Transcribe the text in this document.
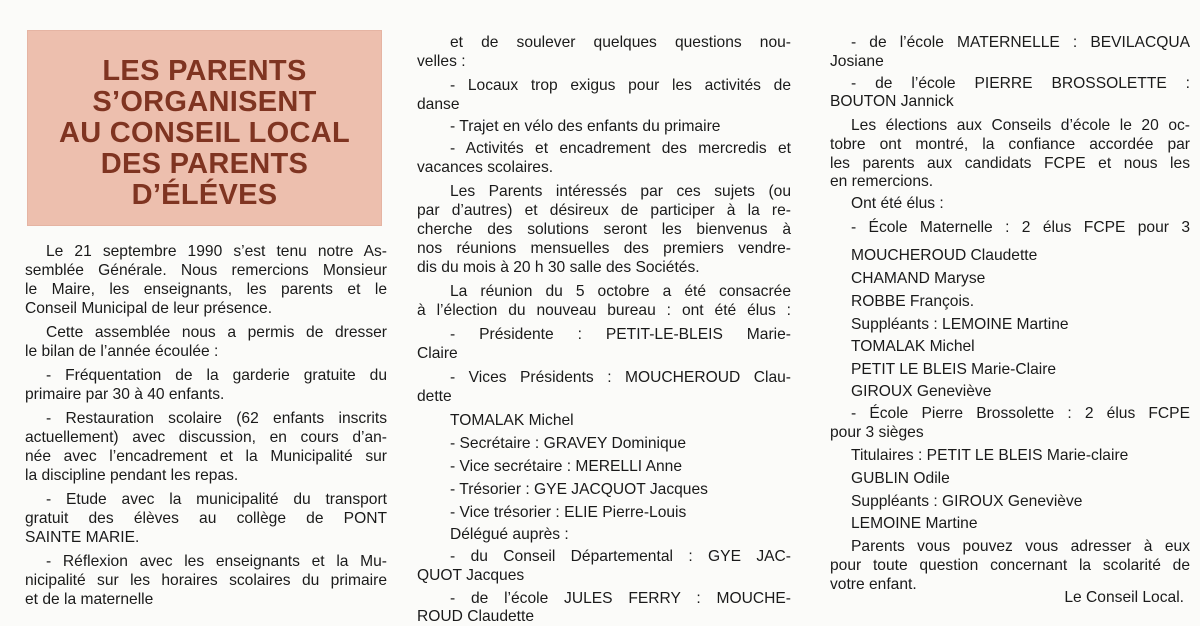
LES PARENTS
S’ORGANISENT
AU CONSEIL LOCAL
DES PARENTS
D’ÉLÉVES
Le 21 septembre 1990 s’est tenu notre As-
semblée Générale. Nous remercions Monsieur
le Maire, les enseignants, les parents et le
Conseil Municipal de leur présence.
Cette assemblée nous a permis de dresser
le bilan de l’année écoulée :
- Fréquentation de la garderie gratuite du
primaire par 30 à 40 enfants.
- Restauration scolaire (62 enfants inscrits
actuellement) avec discussion, en cours d’an-
née avec l’encadrement et la Municipalité sur
la discipline pendant les repas.
- Etude avec la municipalité du transport
gratuit des élèves au collège de PONT
SAINTE MARIE.
- Réflexion avec les enseignants et la Mu-
nicipalité sur les horaires scolaires du primaire
et de la maternelle
et de soulever quelques questions nou-
velles :
- Locaux trop exigus pour les activités de
danse
- Trajet en vélo des enfants du primaire
- Activités et encadrement des mercredis et
vacances scolaires.
Les Parents intéressés par ces sujets (ou
par d’autres) et désireux de participer à la re-
cherche des solutions seront les bienvenus à
nos réunions mensuelles des premiers vendre-
dis du mois à 20 h 30 salle des Sociétés.
La réunion du 5 octobre a été consacrée
à l’élection du nouveau bureau : ont été élus :
- Présidente : PETIT-LE-BLEIS Marie-
Claire
- Vices Présidents : MOUCHEROUD Clau-
dette
TOMALAK Michel
- Secrétaire : GRAVEY Dominique
- Vice secrétaire : MERELLI Anne
- Trésorier : GYE JACQUOT Jacques
- Vice trésorier : ELIE Pierre-Louis
Délégué auprès :
- du Conseil Départemental : GYE JAC-
QUOT Jacques
- de l’école JULES FERRY : MOUCHE-
ROUD Claudette
- de l’école MATERNELLE : BEVILACQUA
Josiane
- de l’école PIERRE BROSSOLETTE :
BOUTON Jannick
Les élections aux Conseils d’école le 20 oc-
tobre ont montré, la confiance accordée par
les parents aux candidats FCPE et nous les
en remercions.
Ont été élus :
- École Maternelle : 2 élus FCPE pour 3
MOUCHEROUD Claudette
CHAMAND Maryse
ROBBE François.
Suppléants : LEMOINE Martine
TOMALAK Michel
PETIT LE BLEIS Marie-Claire
GIROUX Geneviève
- École Pierre Brossolette : 2 élus FCPE
pour 3 sièges
Titulaires : PETIT LE BLEIS Marie-claire
GUBLIN Odile
Suppléants : GIROUX Geneviève
LEMOINE Martine
Parents vous pouvez vous adresser à eux
pour toute question concernant la scolarité de
votre enfant.
Le Conseil Local.
